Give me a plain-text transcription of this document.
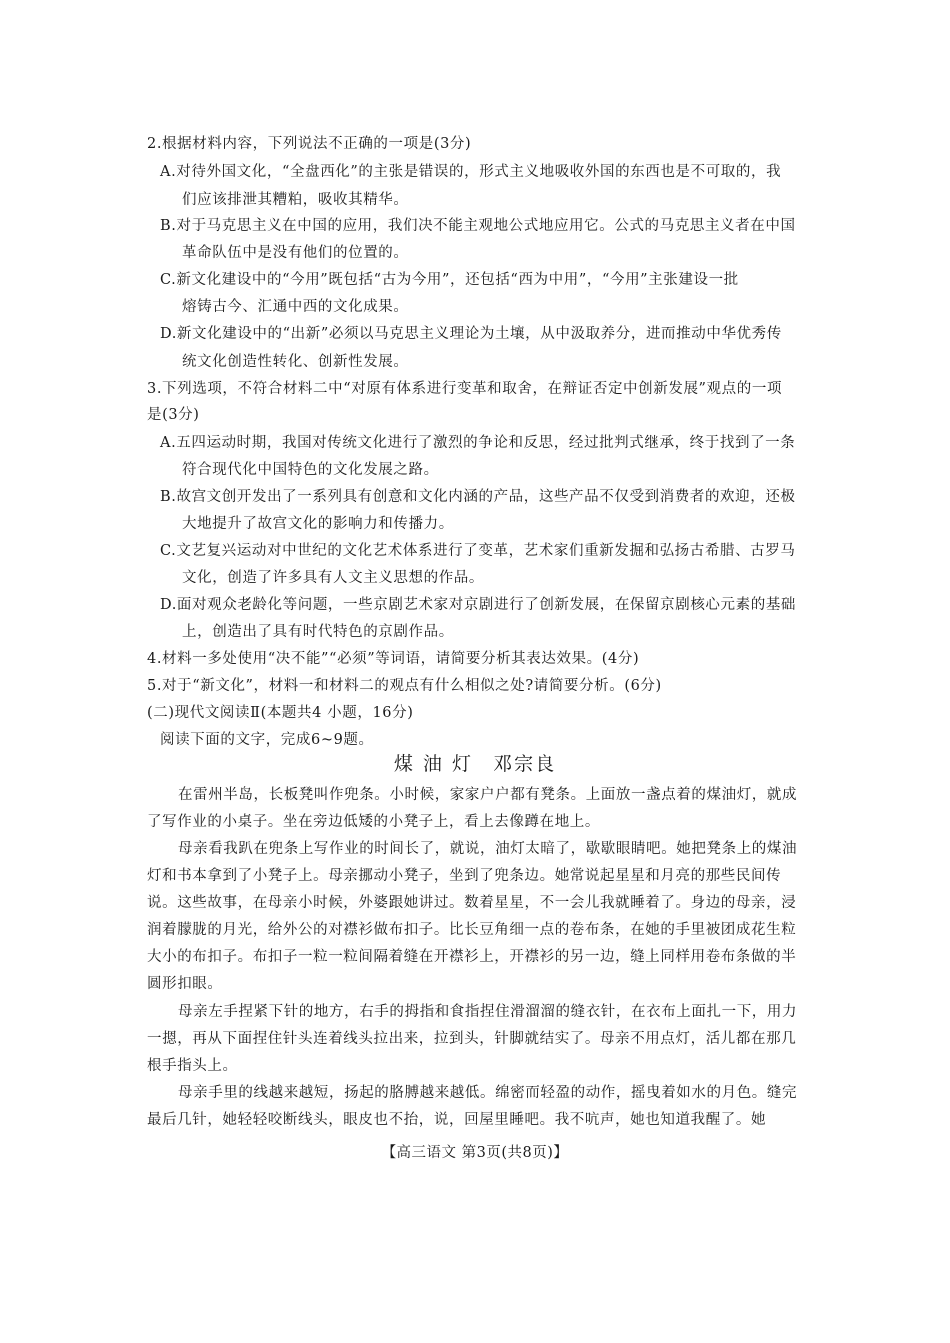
2.根据材料内容，下列说法不正确的一项是(3分)
A.对待外国文化，“全盘西化”的主张是错误的，形式主义地吸收外国的东西也是不可取的，我
们应该排泄其糟粕，吸收其精华。
B.对于马克思主义在中国的应用，我们决不能主观地公式地应用它。公式的马克思主义者在中国
革命队伍中是没有他们的位置的。
C.新文化建设中的“今用”既包括“古为今用”，还包括“西为中用”，“今用”主张建设一批
熔铸古今、汇通中西的文化成果。
D.新文化建设中的“出新”必须以马克思主义理论为土壤，从中汲取养分，进而推动中华优秀传
统文化创造性转化、创新性发展。
3.下列选项，不符合材料二中“对原有体系进行变革和取舍，在辩证否定中创新发展”观点的一项
是(3分)
A.五四运动时期，我国对传统文化进行了激烈的争论和反思，经过批判式继承，终于找到了一条
符合现代化中国特色的文化发展之路。
B.故宫文创开发出了一系列具有创意和文化内涵的产品，这些产品不仅受到消费者的欢迎，还极
大地提升了故宫文化的影响力和传播力。
C.文艺复兴运动对中世纪的文化艺术体系进行了变革，艺术家们重新发掘和弘扬古希腊、古罗马
文化，创造了许多具有人文主义思想的作品。
D.面对观众老龄化等问题，一些京剧艺术家对京剧进行了创新发展，在保留京剧核心元素的基础
上，创造出了具有时代特色的京剧作品。
4.材料一多处使用“决不能”“必须”等词语，请简要分析其表达效果。(4分)
5.对于“新文化”，材料一和材料二的观点有什么相似之处?请简要分析。(6分)
(二)现代文阅读Ⅱ(本题共4 小题，16分)
阅读下面的文字，完成6~9题。
煤 油 灯 邓宗良
在雷州半岛，长板凳叫作兜条。小时候，家家户户都有凳条。上面放一盏点着的煤油灯，就成
了写作业的小桌子。坐在旁边低矮的小凳子上，看上去像蹲在地上。
母亲看我趴在兜条上写作业的时间长了，就说，油灯太暗了，歇歇眼睛吧。她把凳条上的煤油
灯和书本拿到了小凳子上。母亲挪动小凳子，坐到了兜条边。她常说起星星和月亮的那些民间传
说。这些故事，在母亲小时候，外婆跟她讲过。数着星星，不一会儿我就睡着了。身边的母亲，浸
润着朦胧的月光，给外公的对襟衫做布扣子。比长豆角细一点的卷布条，在她的手里被团成花生粒
大小的布扣子。布扣子一粒一粒间隔着缝在开襟衫上，开襟衫的另一边，缝上同样用卷布条做的半
圆形扣眼。
母亲左手捏紧下针的地方，右手的拇指和食指捏住滑溜溜的缝衣针，在衣布上面扎一下，用力
一摁，再从下面捏住针头连着线头拉出来，拉到头，针脚就结实了。母亲不用点灯，活儿都在那几
根手指头上。
母亲手里的线越来越短，扬起的胳膊越来越低。绵密而轻盈的动作，摇曳着如水的月色。缝完
最后几针，她轻轻咬断线头，眼皮也不抬，说，回屋里睡吧。我不吭声，她也知道我醒了。她
【高三语文 第3页(共8页)】
